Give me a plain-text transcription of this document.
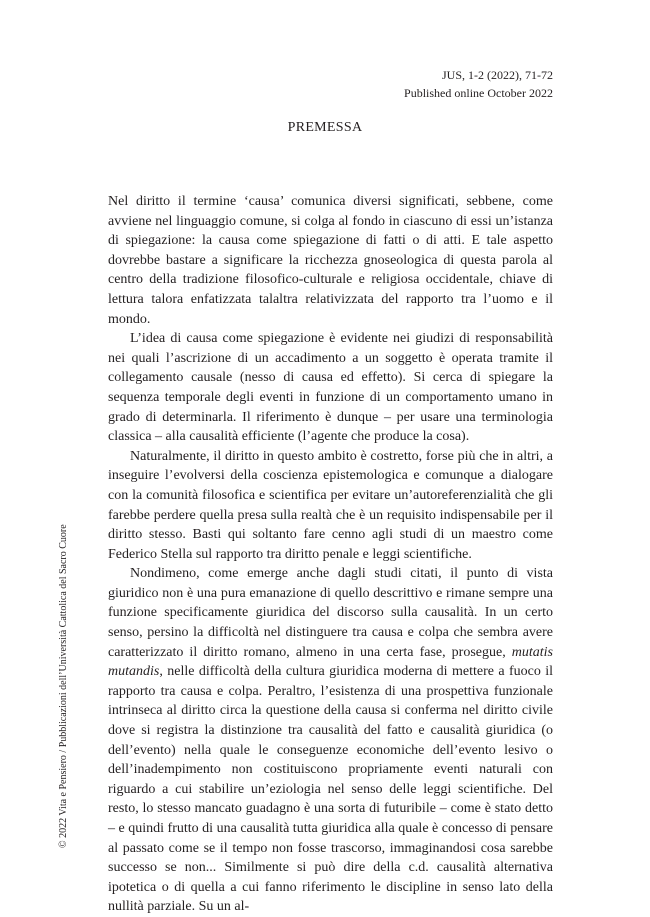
JUS, 1-2 (2022), 71-72
Published online October 2022
PREMESSA

Nel diritto il termine ‘causa’ comunica diversi significati, sebbene, come avviene nel linguaggio comune, si colga al fondo in ciascuno di essi un’istanza di spiegazione: la causa come spiegazione di fatti o di atti. E tale aspetto dovrebbe bastare a significare la ricchezza gnoseologica di questa parola al centro della tradizione filosofico-culturale e religiosa occidentale, chiave di lettura talora enfatizzata talaltra relativizzata del rapporto tra l’uomo e il mondo.

L’idea di causa come spiegazione è evidente nei giudizi di responsabilità nei quali l’ascrizione di un accadimento a un soggetto è operata tramite il collegamento causale (nesso di causa ed effetto). Si cerca di spiegare la sequenza temporale degli eventi in funzione di un comportamento umano in grado di determinarla. Il riferimento è dunque – per usare una terminologia classica – alla causalità efficiente (l’agente che produce la cosa).

Naturalmente, il diritto in questo ambito è costretto, forse più che in altri, a inseguire l’evolversi della coscienza epistemologica e comunque a dialogare con la comunità filosofica e scientifica per evitare un’autoreferenzialità che gli farebbe perdere quella presa sulla realtà che è un requisito indispensabile per il diritto stesso. Basti qui soltanto fare cenno agli studi di un maestro come Federico Stella sul rapporto tra diritto penale e leggi scientifiche.

Nondimeno, come emerge anche dagli studi citati, il punto di vista giuridico non è una pura emanazione di quello descrittivo e rimane sempre una funzione specificamente giuridica del discorso sulla causalità. In un certo senso, persino la difficoltà nel distinguere tra causa e colpa che sembra avere caratterizzato il diritto romano, almeno in una certa fase, prosegue, mutatis mutandis, nelle difficoltà della cultura giuridica moderna di mettere a fuoco il rapporto tra causa e colpa. Peraltro, l’esistenza di una prospettiva funzionale intrinseca al diritto circa la questione della causa si conferma nel diritto civile dove si registra la distinzione tra causalità del fatto e causalità giuridica (o dell’evento) nella quale le conseguenze economiche dell’evento lesivo o dell’inadempimento non costituiscono propriamente eventi naturali con riguardo a cui stabilire un’eziologia nel senso delle leggi scientifiche. Del resto, lo stesso mancato guadagno è una sorta di futuribile – come è stato detto – e quindi frutto di una causalità tutta giuridica alla quale è concesso di pensare al passato come se il tempo non fosse trascorso, immaginandosi cosa sarebbe successo se non... Similmente si può dire della c.d. causalità alternativa ipotetica o di quella a cui fanno riferimento le discipline in senso lato della nullità parziale. Su un al-

© 2022 Vita e Pensiero / Pubblicazioni dell’Università Cattolica del Sacro Cuore
